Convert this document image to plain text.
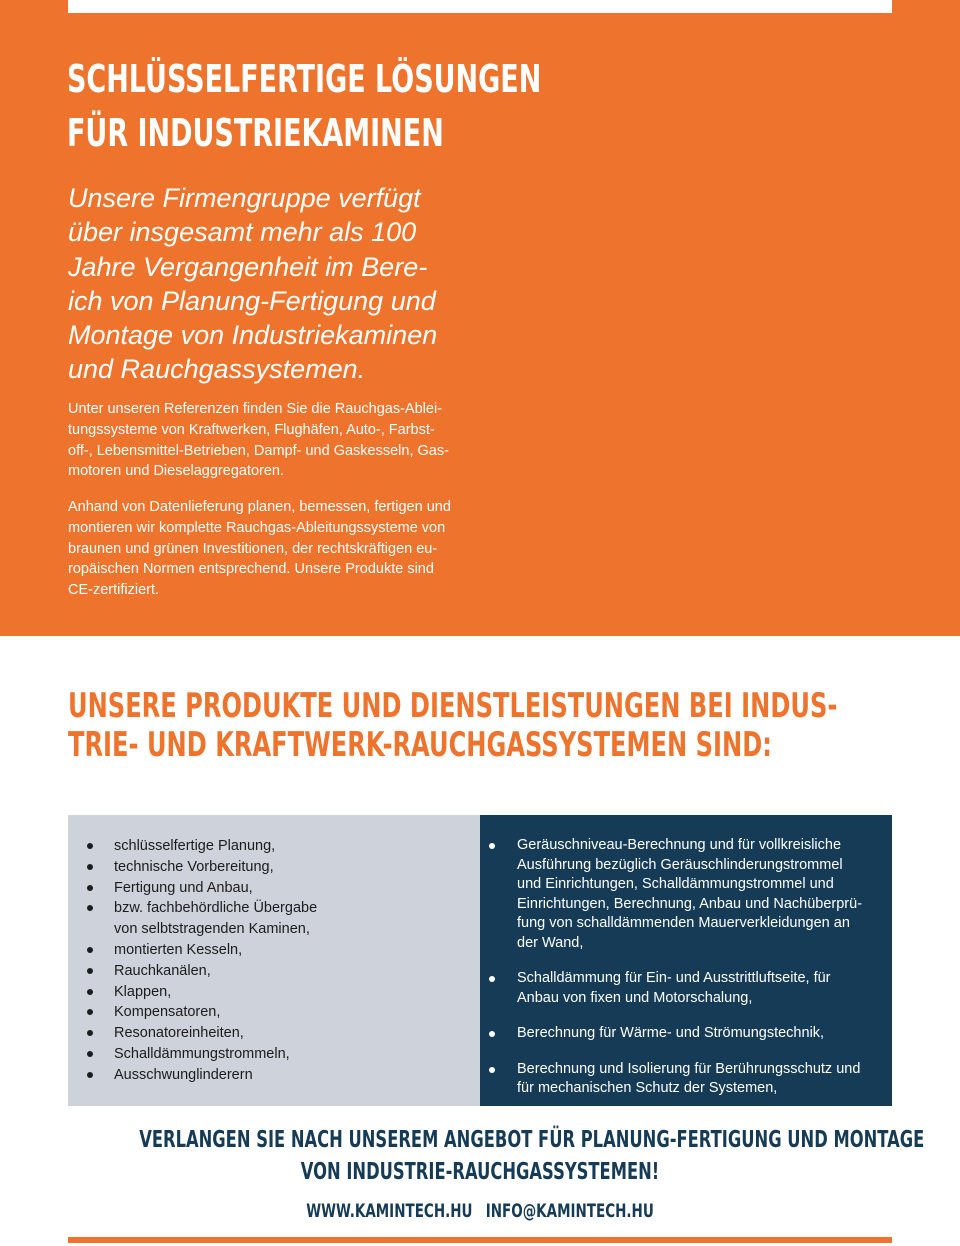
SCHLÜSSELFERTIGE LÖSUNGEN
FÜR INDUSTRIEKAMINEN

Unsere Firmengruppe verfügt
über insgesamt mehr als 100
Jahre Vergangenheit im Bere-
ich von Planung-Fertigung und
Montage von Industriekaminen
und Rauchgassystemen.

Unter unseren Referenzen finden Sie die Rauchgas-Ablei-
tungssysteme von Kraftwerken, Flughäfen, Auto-, Farbst-
off-, Lebensmittel-Betrieben, Dampf- und Gaskesseln, Gas-
motoren und Dieselaggregatoren.

Anhand von Datenlieferung planen, bemessen, fertigen und
montieren wir komplette Rauchgas-Ableitungssysteme von
braunen und grünen Investitionen, der rechtskräftigen eu-
ropäischen Normen entsprechend. Unsere Produkte sind
CE-zertifiziert.

UNSERE PRODUKTE UND DIENSTLEISTUNGEN BEI INDUS-
TRIE- UND KRAFTWERK-RAUCHGASSYSTEMEN SIND:
schlüsselfertige Planung,
technische Vorbereitung,
Fertigung und Anbau,
bzw. fachbehördliche Übergabe
von selbtstragenden Kaminen,
montierten Kesseln,
Rauchkanälen,
Klappen,
Kompensatoren,
Resonatoreinheiten,
Schalldämmungstrommeln,
Ausschwunglinderern
Geräuschniveau-Berechnung und für vollkreisliche
Ausführung bezüglich Geräuschlinderungstrommel
und Einrichtungen, Schalldämmungstrommel und
Einrichtungen, Berechnung, Anbau und Nachüberprü-
fung von schalldämmenden Mauerverkleidungen an
der Wand,
Schalldämmung für Ein- und Ausstrittluftseite, für
Anbau von fixen und Motorschalung,
Berechnung für Wärme- und Strömungstechnik,
Berechnung und Isolierung für Berührungsschutz und
für mechanischen Schutz der Systemen,
VERLANGEN SIE NACH UNSEREM ANGEBOT FÜR PLANUNG-FERTIGUNG UND MONTAGE
VON INDUSTRIE-RAUCHGASSYSTEMEN!
WWW.KAMINTECH.HU INFO@KAMINTECH.HU
